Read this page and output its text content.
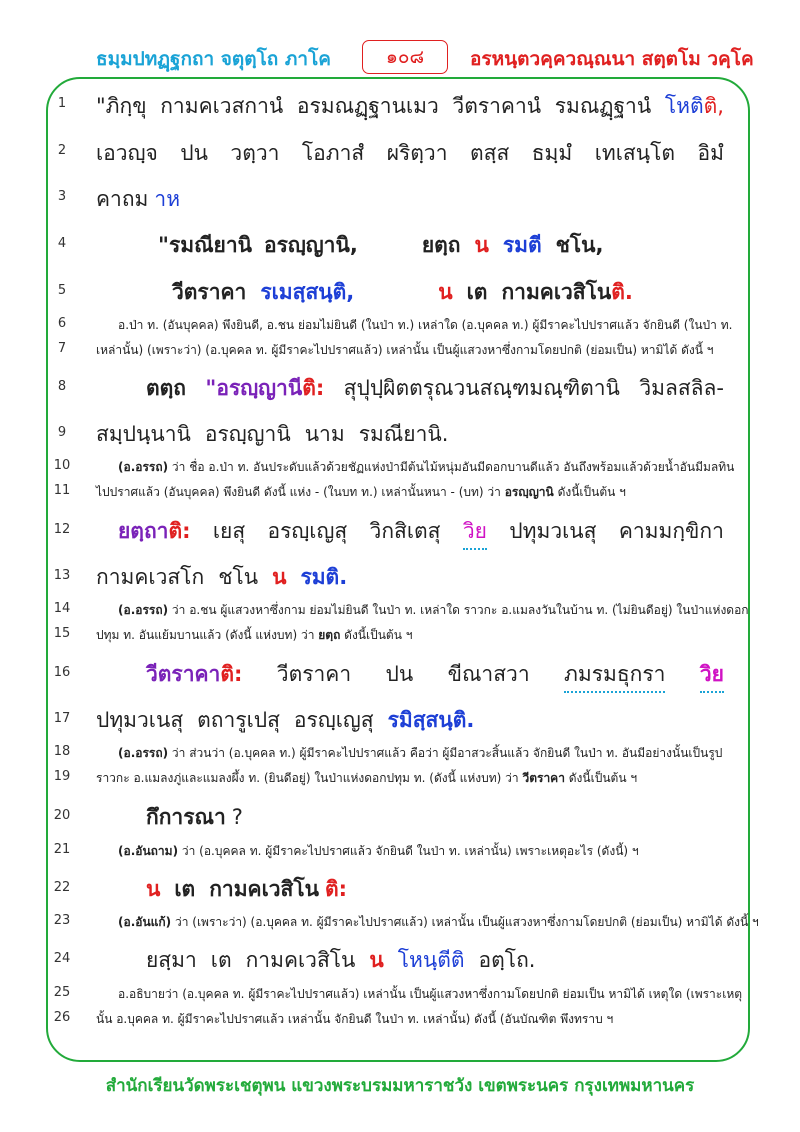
ธมฺมปทฏฺฐกถา จตุตฺโถ ภาโค	๑๐๘	อรหนฺตวคฺควณฺณนา สตฺตโม วคฺโค
1
2
3
4
5
6
7
8
9
10
11
12
13
14
15
16
17
18
19
20
21
22
23
24
25
26
"ภิกฺขุ กามคเวสกานํ อรมณฏฺฐานเมว วีตราคานํ รมณฏฺฐานํ โหติติ,
เอวญฺจ ปน วตฺวา โอภาสํ ผริตฺวา ตสฺส ธมฺมํ เทเสนฺโต อิมํ
คาถม าห
"รมณียานิ อรญฺญานิ,	ยตฺถ น รมตี ชโน,
วีตราคา รเมสฺสนฺติ,	น เต กามคเวสิโนติ.
อ.ป่า ท. (อันบุคคล) พึงยินดี, อ.ชน ย่อมไม่ยินดี (ในป่า ท.) เหล่าใด (อ.บุคคล ท.) ผู้มีราคะไปปราศแล้ว จักยินดี (ในป่า ท.
เหล่านั้น) (เพราะว่า) (อ.บุคคล ท. ผู้มีราคะไปปราศแล้ว) เหล่านั้น เป็นผู้แสวงหาซึ่งกามโดยปกติ (ย่อมเป็น) หามิได้ ดังนี้ ฯ
ตตฺถ "อรญฺญานีติ: สุปุปฺผิตตรุณวนสณฺฑมณฺฑิตานิ วิมลสลิล-
สมฺปนฺนานิ อรญฺญานิ นาม รมณียานิ.
(อ.อรรถ) ว่า ชื่อ อ.ป่า ท. อันประดับแล้วด้วยชัฏแห่งป่ามีต้นไม้หนุ่มอันมีดอกบานดีแล้ว อันถึงพร้อมแล้วด้วยน้ำอันมีมลทิน
ไปปราศแล้ว (อันบุคคล) พึงยินดี ดังนี้ แห่ง - (ในบท ท.) เหล่านั้นหนา - (บท) ว่า อรญฺญานิ ดังนี้เป็นต้น ฯ
ยตฺถาติ: เยสุ อรญฺเญสุ วิกสิเตสุ วิย ปทุมวเนสุ คามมกฺขิกา
กามคเวสโก ชโน น รมติ.
(อ.อรรถ) ว่า อ.ชน ผู้แสวงหาซึ่งกาม ย่อมไม่ยินดี ในป่า ท. เหล่าใด ราวกะ อ.แมลงวันในบ้าน ท. (ไม่ยินดีอยู่) ในป่าแห่งดอก
ปทุม ท. อันแย้มบานแล้ว (ดังนี้ แห่งบท) ว่า ยตฺถ ดังนี้เป็นต้น ฯ
วีตราคาติ: วีตราคา ปน ขีณาสวา ภมรมธุกรา วิย
ปทุมวเนสุ ตถารูเปสุ อรญฺเญสุ รมิสฺสนฺติ.
(อ.อรรถ) ว่า ส่วนว่า (อ.บุคคล ท.) ผู้มีราคะไปปราศแล้ว คือว่า ผู้มีอาสวะสิ้นแล้ว จักยินดี ในป่า ท. อันมีอย่างนั้นเป็นรูป
ราวกะ อ.แมลงภู่และแมลงผึ้ง ท. (ยินดีอยู่) ในป่าแห่งดอกปทุม ท. (ดังนี้ แห่งบท) ว่า วีตราคา ดังนี้เป็นต้น ฯ
กึการณา ?
(อ.อันถาม) ว่า (อ.บุคคล ท. ผู้มีราคะไปปราศแล้ว จักยินดี ในป่า ท. เหล่านั้น) เพราะเหตุอะไร (ดังนี้) ฯ
น เต กามคเวสิโน ติ:
(อ.อันแก้) ว่า (เพราะว่า) (อ.บุคคล ท. ผู้มีราคะไปปราศแล้ว) เหล่านั้น เป็นผู้แสวงหาซึ่งกามโดยปกติ (ย่อมเป็น) หามิได้ ดังนี้ ฯ
ยสฺมา เต กามคเวสิโน น โหนฺตีติ อตฺโถ.
อ.อธิบายว่า (อ.บุคคล ท. ผู้มีราคะไปปราศแล้ว) เหล่านั้น เป็นผู้แสวงหาซึ่งกามโดยปกติ ย่อมเป็น หามิได้ เหตุใด (เพราะเหตุ
นั้น อ.บุคคล ท. ผู้มีราคะไปปราศแล้ว เหล่านั้น จักยินดี ในป่า ท. เหล่านั้น) ดังนี้ (อันบัณฑิต พึงทราบ ฯ
สำนักเรียนวัดพระเชตุพน แขวงพระบรมมหาราชวัง เขตพระนคร กรุงเทพมหานคร
